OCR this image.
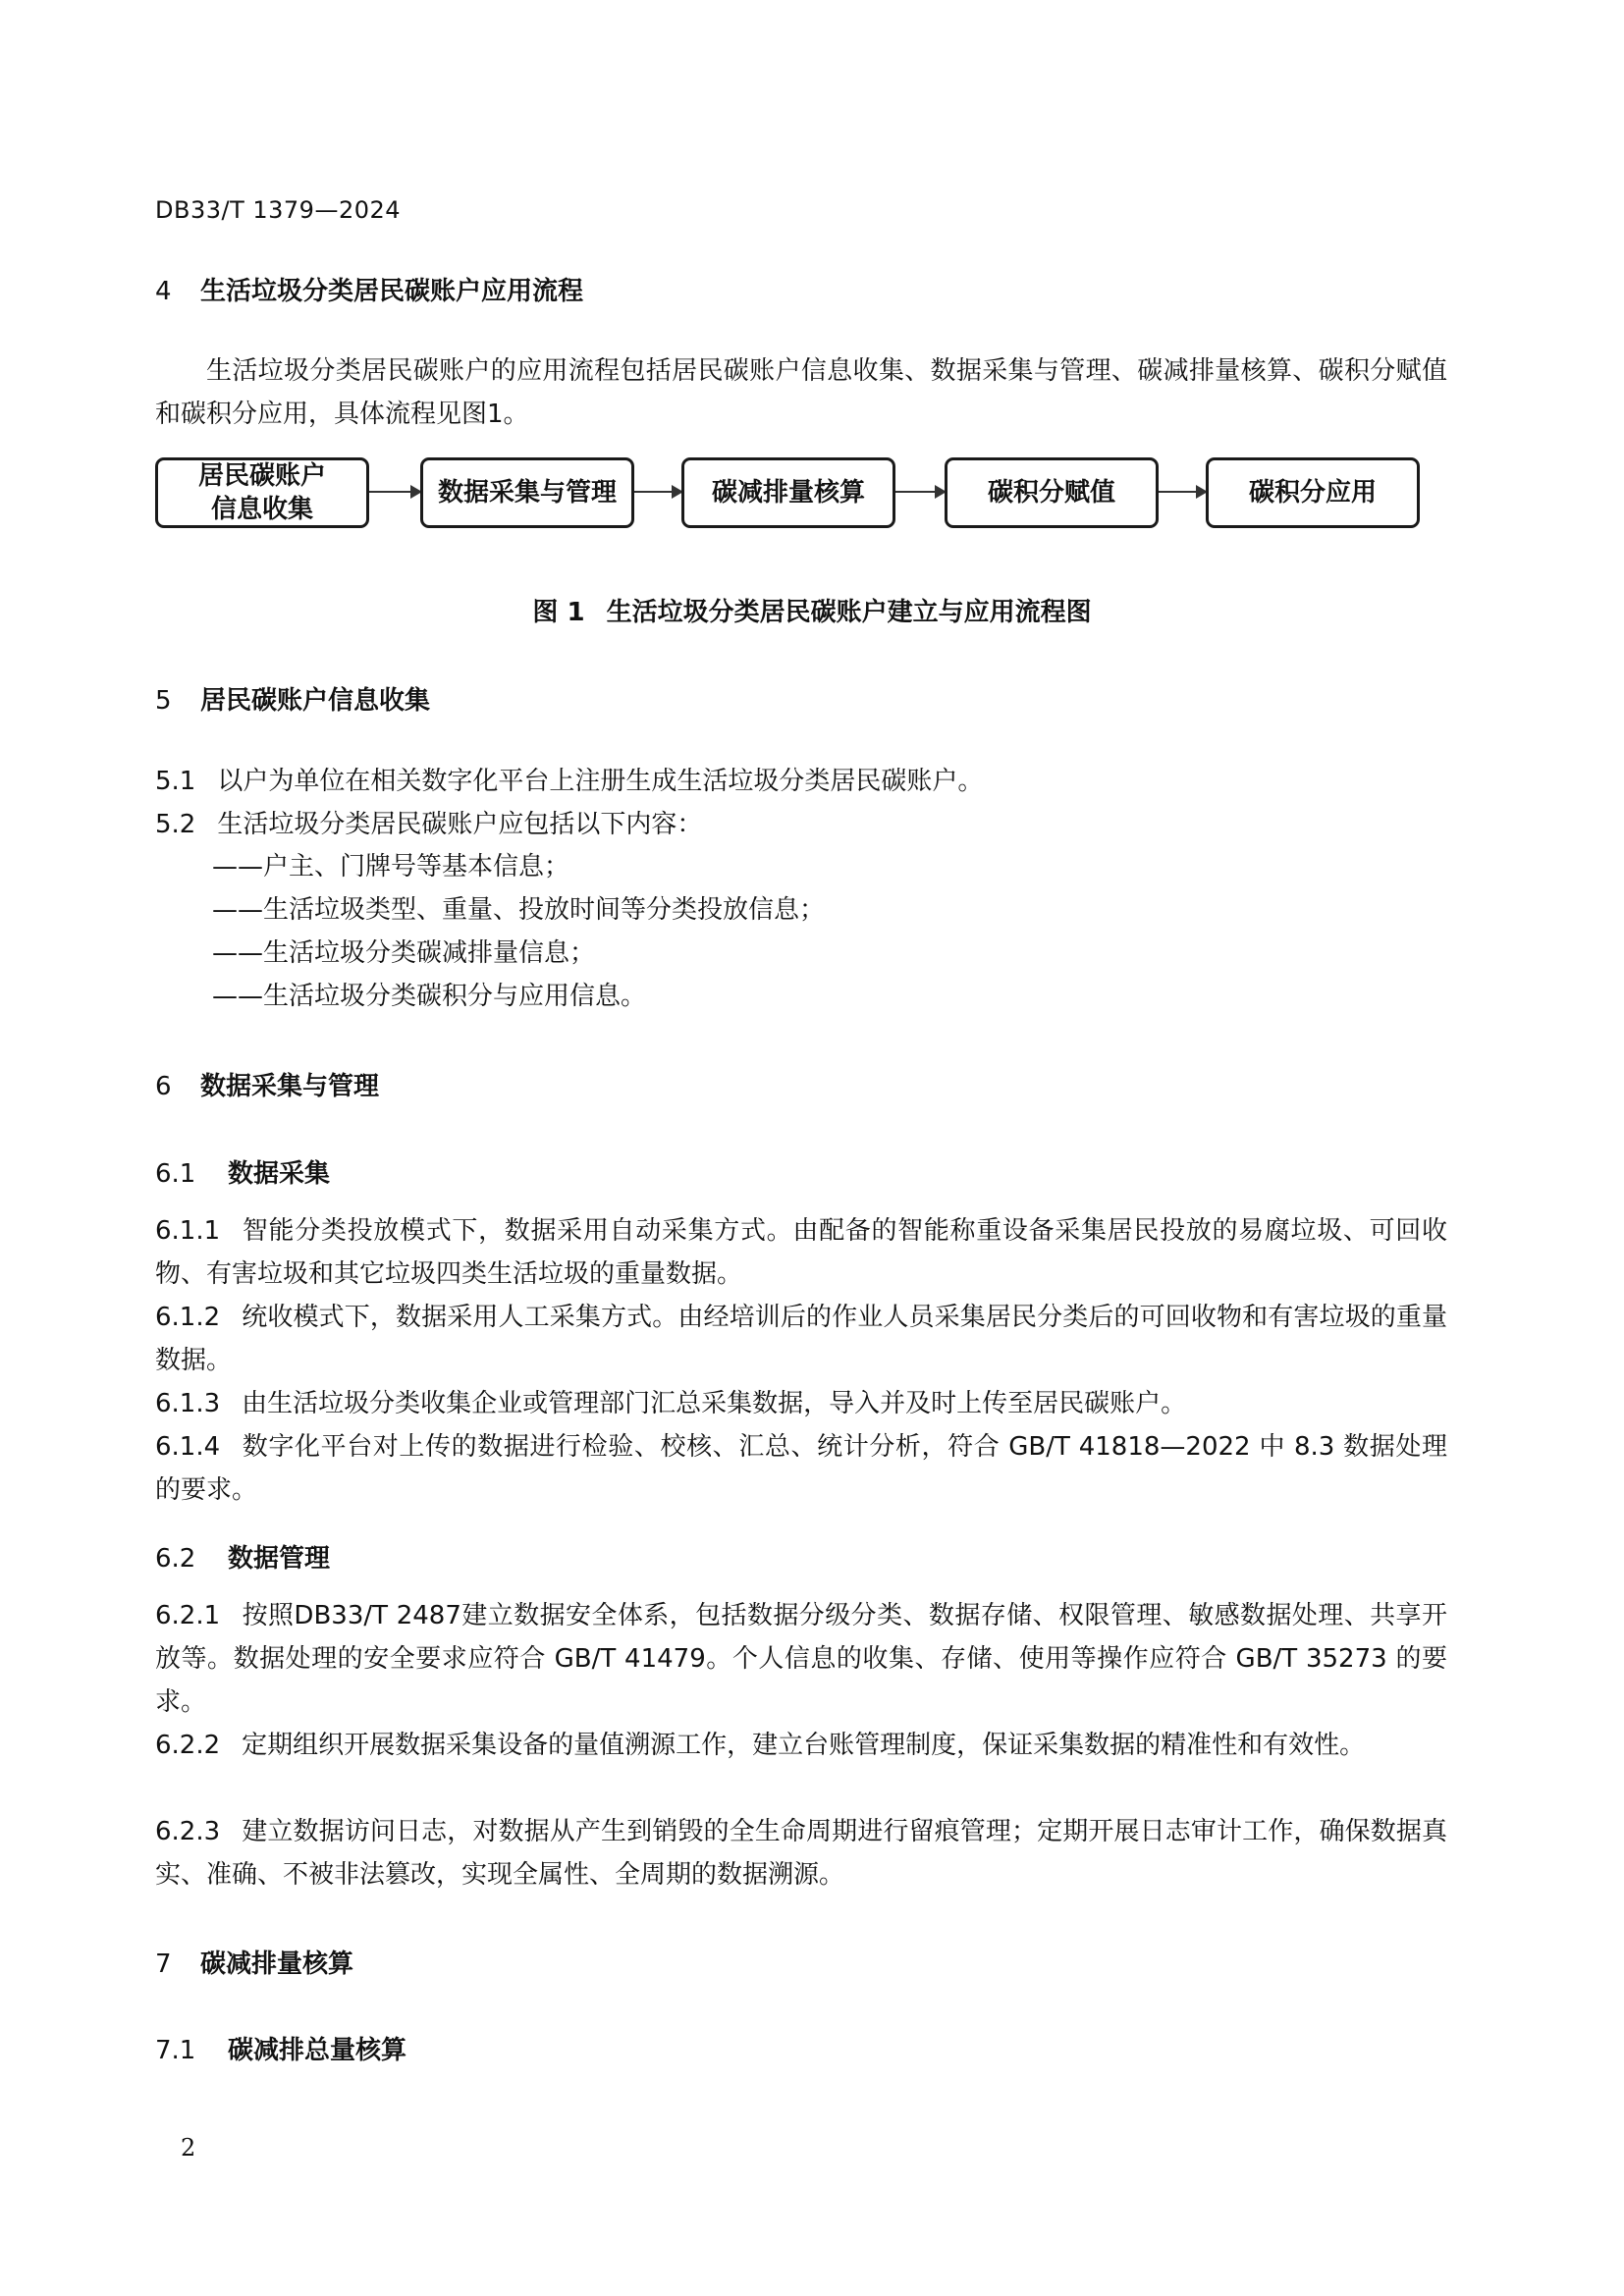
DB33/T 1379—2024
4 生活垃圾分类居民碳账户应用流程
生活垃圾分类居民碳账户的应用流程包括居民碳账户信息收集、数据采集与管理、碳减排量核算、碳积分赋值和碳积分应用，具体流程见图1。
居民碳账户
信息收集
数据采集与管理	碳减排量核算	碳积分赋值	碳积分应用
图 1 生活垃圾分类居民碳账户建立与应用流程图
5 居民碳账户信息收集
5.1 以户为单位在相关数字化平台上注册生成生活垃圾分类居民碳账户。
5.2 生活垃圾分类居民碳账户应包括以下内容：
——户主、门牌号等基本信息；
——生活垃圾类型、重量、投放时间等分类投放信息；
——生活垃圾分类碳减排量信息；
——生活垃圾分类碳积分与应用信息。
6 数据采集与管理
6.1 数据采集
6.1.1 智能分类投放模式下，数据采用自动采集方式。由配备的智能称重设备采集居民投放的易腐垃圾、可回收物、有害垃圾和其它垃圾四类生活垃圾的重量数据。
6.1.2 统收模式下，数据采用人工采集方式。由经培训后的作业人员采集居民分类后的可回收物和有害垃圾的重量数据。
6.1.3 由生活垃圾分类收集企业或管理部门汇总采集数据，导入并及时上传至居民碳账户。
6.1.4 数字化平台对上传的数据进行检验、校核、汇总、统计分析，符合 GB/T 41818—2022 中 8.3 数据处理的要求。
6.2 数据管理
6.2.1 按照DB33/T 2487建立数据安全体系，包括数据分级分类、数据存储、权限管理、敏感数据处理、共享开放等。数据处理的安全要求应符合 GB/T 41479。个人信息的收集、存储、使用等操作应符合 GB/T 35273 的要求。
6.2.2 定期组织开展数据采集设备的量值溯源工作，建立台账管理制度，保证采集数据的精准性和有效性。
6.2.3 建立数据访问日志，对数据从产生到销毁的全生命周期进行留痕管理；定期开展日志审计工作，确保数据真实、准确、不被非法篡改，实现全属性、全周期的数据溯源。
7 碳减排量核算
7.1 碳减排总量核算
2
